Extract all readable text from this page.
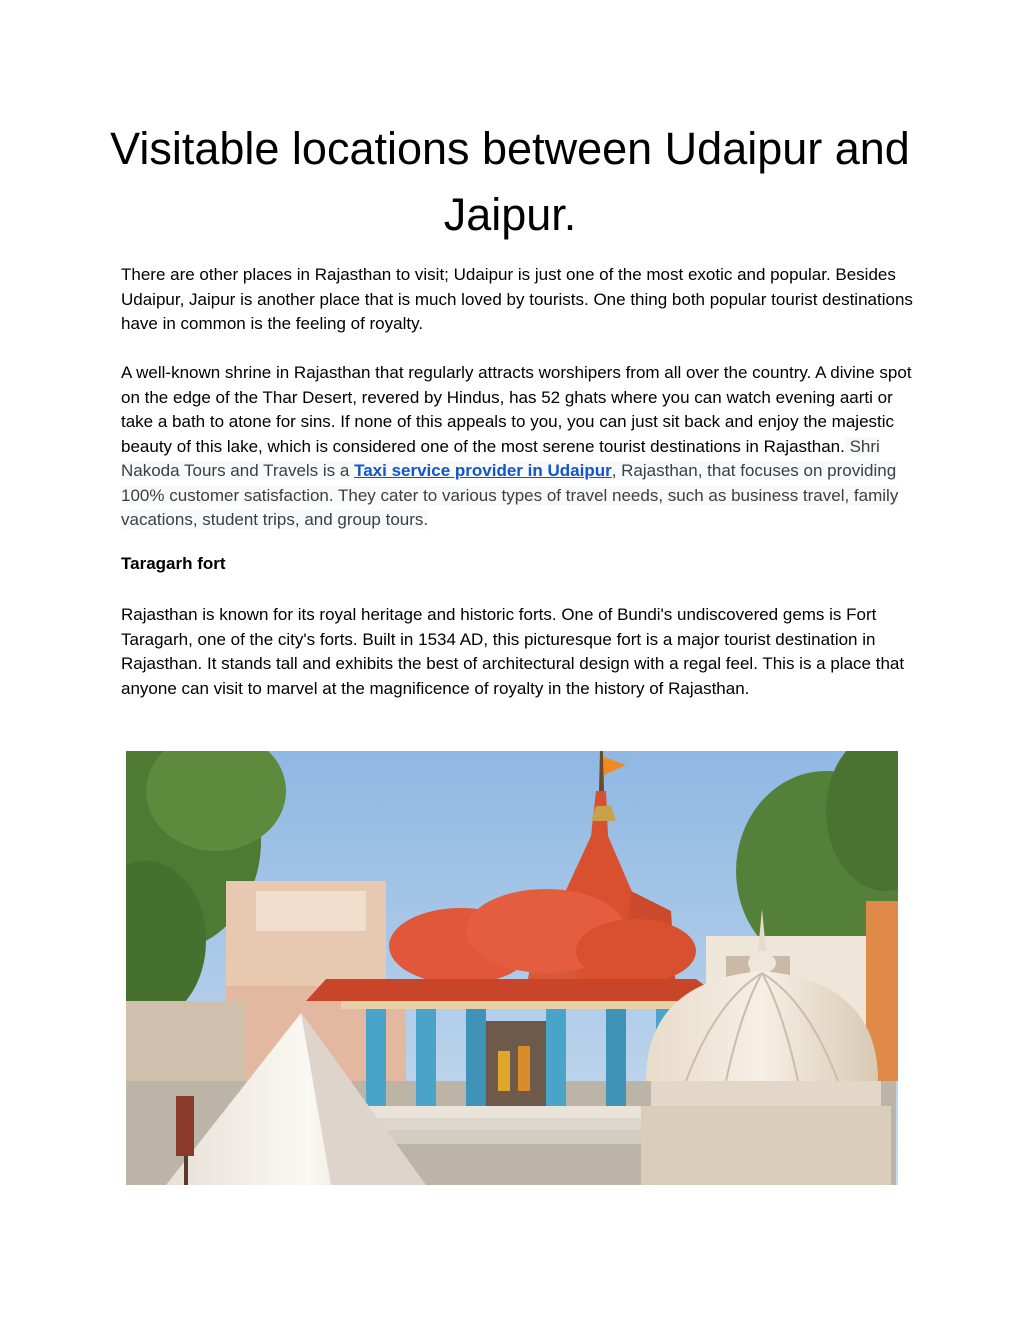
Visitable locations between Udaipur and Jaipur.

There are other places in Rajasthan to visit; Udaipur is just one of the most exotic and popular. Besides Udaipur, Jaipur is another place that is much loved by tourists. One thing both popular tourist destinations have in common is the feeling of royalty.

A well-known shrine in Rajasthan that regularly attracts worshipers from all over the country. A divine spot on the edge of the Thar Desert, revered by Hindus, has 52 ghats where you can watch evening aarti or take a bath to atone for sins. If none of this appeals to you, you can just sit back and enjoy the majestic beauty of this lake, which is considered one of the most serene tourist destinations in Rajasthan. Shri Nakoda Tours and Travels is a Taxi service provider in Udaipur, Rajasthan, that focuses on providing 100% customer satisfaction. They cater to various types of travel needs, such as business travel, family vacations, student trips, and group tours.

Taragarh fort

Rajasthan is known for its royal heritage and historic forts. One of Bundi's undiscovered gems is Fort Taragarh, one of the city's forts. Built in 1534 AD, this picturesque fort is a major tourist destination in Rajasthan. It stands tall and exhibits the best of architectural design with a regal feel. This is a place that anyone can visit to marvel at the magnificence of royalty in the history of Rajasthan.
